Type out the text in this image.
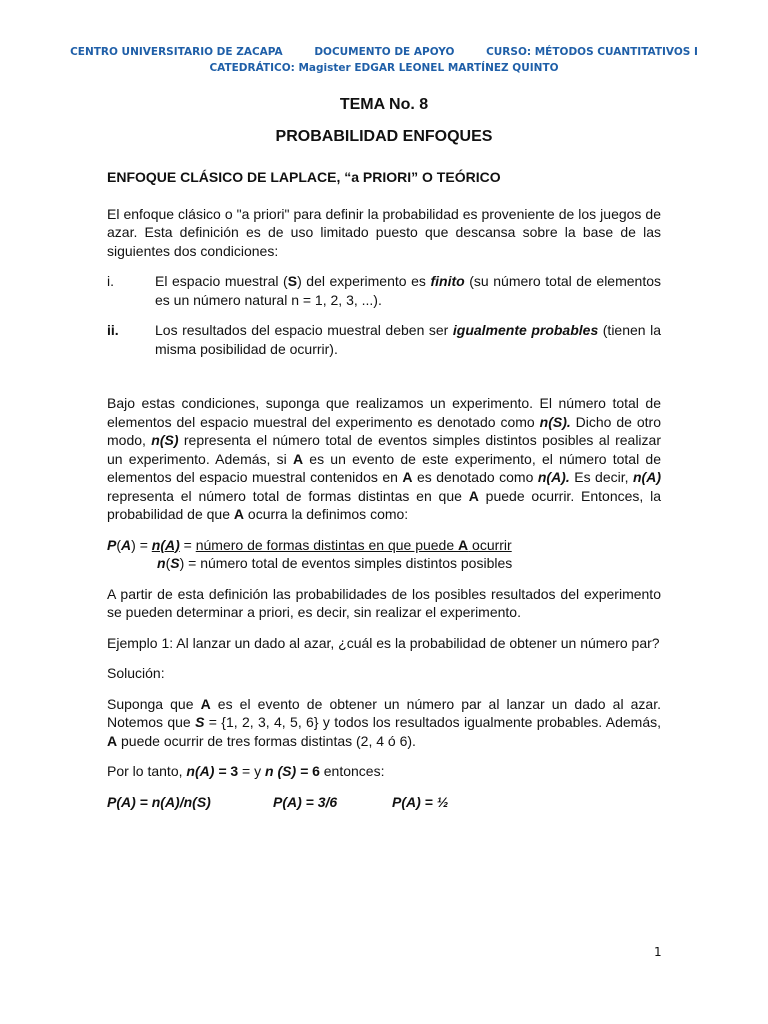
CENTRO UNIVERSITARIO DE ZACAPA	DOCUMENTO DE APOYO	CURSO: MÉTODOS CUANTITATIVOS I
CATEDRÁTICO: Magister EDGAR LEONEL MARTÍNEZ QUINTO
TEMA No. 8
PROBABILIDAD ENFOQUES

ENFOQUE CLÁSICO DE LAPLACE, “a PRIORI” O TEÓRICO

El enfoque clásico o "a priori" para definir la probabilidad es proveniente de los juegos de azar. Esta definición es de uso limitado puesto que descansa sobre la base de las siguientes dos condiciones:

i.	El espacio muestral (S) del experimento es finito (su número total de elementos es un número natural n = 1, 2, 3, ...).
ii.	Los resultados del espacio muestral deben ser igualmente probables (tienen la misma posibilidad de ocurrir).

Bajo estas condiciones, suponga que realizamos un experimento. El número total de elementos del espacio muestral del experimento es denotado como n(S). Dicho de otro modo, n(S) representa el número total de eventos simples distintos posibles al realizar un experimento. Además, si A es un evento de este experimento, el número total de elementos del espacio muestral contenidos en A es denotado como n(A). Es decir, n(A) representa el número total de formas distintas en que A puede ocurrir. Entonces, la probabilidad de que A ocurra la definimos como:

P(A) = n(A) = número de formas distintas en que puede A ocurrir
n(S) = número total de eventos simples distintos posibles

A partir de esta definición las probabilidades de los posibles resultados del experimento se pueden determinar a priori, es decir, sin realizar el experimento.

Ejemplo 1: Al lanzar un dado al azar, ¿cuál es la probabilidad de obtener un número par?

Solución:

Suponga que A es el evento de obtener un número par al lanzar un dado al azar. Notemos que S = {1, 2, 3, 4, 5, 6} y todos los resultados igualmente probables. Además, A puede ocurrir de tres formas distintas (2, 4 ó 6).

Por lo tanto, n(A) = 3 = y n (S) = 6 entonces:

P(A) = n(A)/n(S)	P(A) = 3/6	P(A) = ½
1
